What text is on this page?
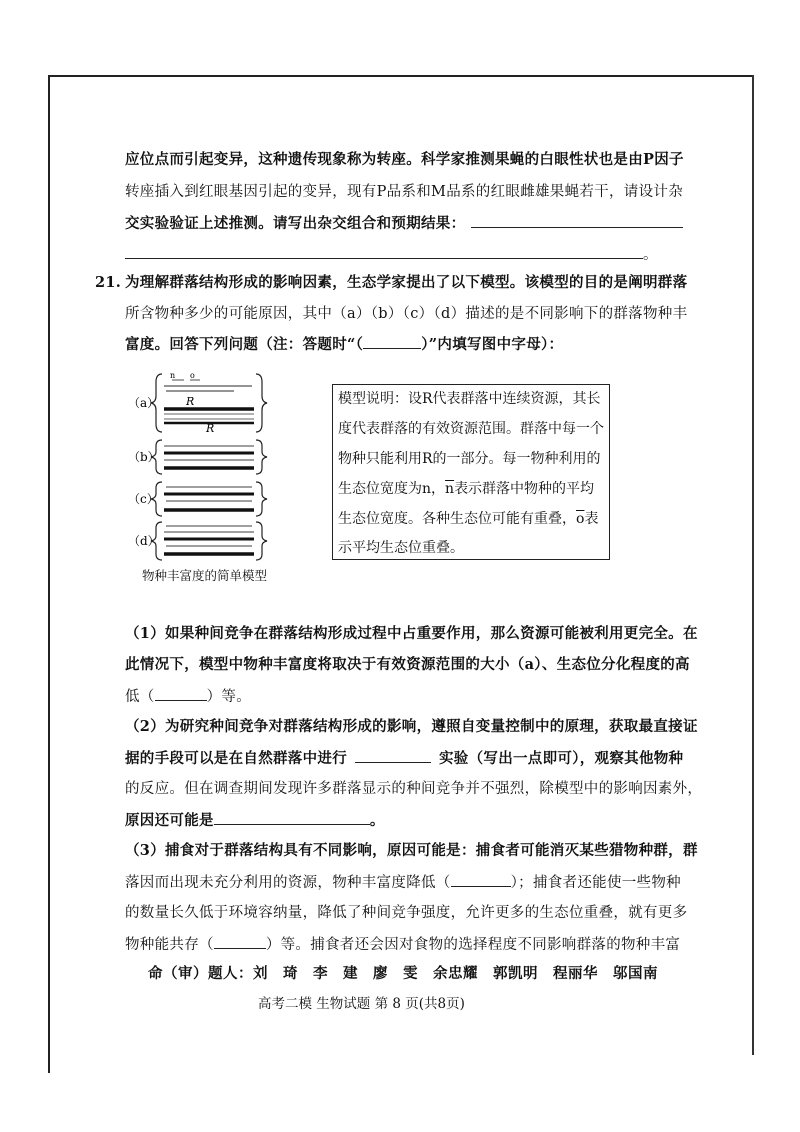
应位点而引起变异，这种遗传现象称为转座。科学家推测果蝇的白眼性状也是由P因子
转座插入到红眼基因引起的变异，现有P品系和M品系的红眼雌雄果蝇若干，请设计杂
交实验验证上述推测。请写出杂交组合和预期结果：
。
21. 为理解群落结构形成的影响因素，生态学家提出了以下模型。该模型的目的是阐明群落
所含物种多少的可能原因，其中（a）（b）（c）（d）描述的是不同影响下的群落物种丰
富度。回答下列问题（注：答题时“（	）”内填写图中字母）：
（a）
n o
R
R
（b）
（c）
（d）
物种丰富度的简单模型
模型说明：设R代表群落中连续资源，其长
度代表群落的有效资源范围。群落中每一个
物种只能利用R的一部分。每一物种利用的
生态位宽度为n，$\overline{n}$表示群落中物种的平均
生态位宽度。各种生态位可能有重叠，$\overline{o}$表
示平均生态位重叠。
（1）如果种间竞争在群落结构形成过程中占重要作用，那么资源可能被利用更完全。在
此情况下，模型中物种丰富度将取决于有效资源范围的大小（a）、生态位分化程度的高
低（	）等。
（2）为研究种间竞争对群落结构形成的影响，遵照自变量控制中的原理，获取最直接证
据的手段可以是在自然群落中进行	实验（写出一点即可），观察其他物种
的反应。但在调查期间发现许多群落显示的种间竞争并不强烈，除模型中的影响因素外，
原因还可能是	。
（3）捕食对于群落结构具有不同影响，原因可能是：捕食者可能消灭某些猎物种群，群
落因而出现未充分利用的资源，物种丰富度降低（	）；捕食者还能使一些物种
的数量长久低于环境容纳量，降低了种间竞争强度，允许更多的生态位重叠，就有更多
物种能共存（	）等。捕食者还会因对食物的选择程度不同影响群落的物种丰富
命（审）题人：刘　琦　李　建　廖　雯　余忠耀　郭凯明　程丽华　邬国南
高考二模 生物试题 第 8 页(共8页)
